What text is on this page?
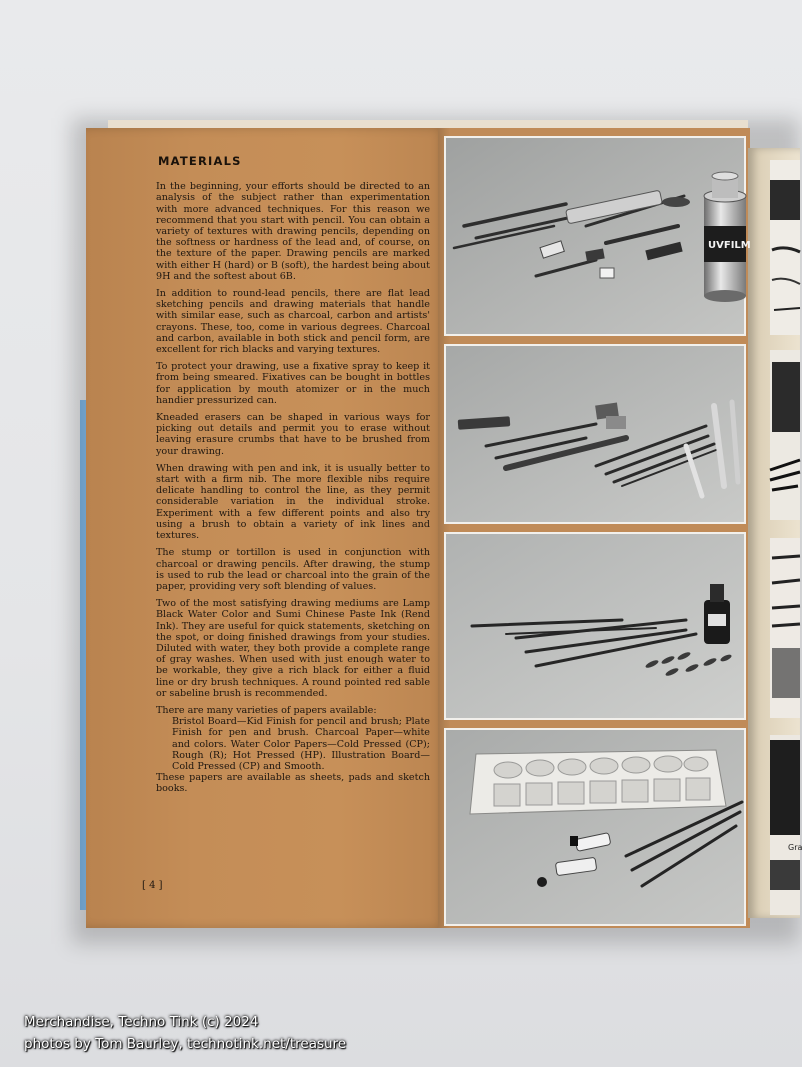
Gra
MATERIALS

In the beginning, your efforts should be directed to an analysis of the subject rather than experimentation with more advanced techniques. For this reason we recommend that you start with pencil. You can obtain a variety of textures with drawing pencils, depending on the softness or hardness of the lead and, of course, on the texture of the paper. Drawing pencils are marked with either H (hard) or B (soft), the hardest being about 9H and the softest about 6B.

In addition to round-lead pencils, there are flat lead sketching pencils and drawing materials that handle with similar ease, such as charcoal, carbon and artists' crayons. These, too, come in various degrees. Charcoal and carbon, available in both stick and pencil form, are excellent for rich blacks and varying textures.

To protect your drawing, use a fixative spray to keep it from being smeared. Fixatives can be bought in bottles for application by mouth atomizer or in the much handier pressurized can.

Kneaded erasers can be shaped in various ways for picking out details and permit you to erase without leaving erasure crumbs that have to be brushed from your drawing.

When drawing with pen and ink, it is usually better to start with a firm nib. The more flexible nibs require delicate handling to control the line, as they permit considerable variation in the individual stroke. Experiment with a few different points and also try using a brush to obtain a variety of ink lines and textures.

The stump or tortillon is used in conjunction with charcoal or drawing pencils. After drawing, the stump is used to rub the lead or charcoal into the grain of the paper, providing very soft blending of values.

Two of the most satisfying drawing mediums are Lamp Black Water Color and Sumi Chinese Paste Ink (Rend Ink). They are useful for quick statements, sketching on the spot, or doing finished drawings from your studies. Diluted with water, they both provide a complete range of gray washes. When used with just enough water to be workable, they give a rich black for either a fluid line or dry brush techniques. A round pointed red sable or sabeline brush is recommended.

There are many varieties of papers available:

Bristol Board—Kid Finish for pencil and brush; Plate Finish for pen and brush. Charcoal Paper—white and colors. Water Color Papers—Cold Pressed (CP); Rough (R); Hot Pressed (HP). Illustration Board—Cold Pressed (CP) and Smooth.

These papers are available as sheets, pads and sketch books.

[ 4 ]
UVFILM
Merchandise, Techno Tink (c) 2024
photos by Tom Baurley, technotink.net/treasure
